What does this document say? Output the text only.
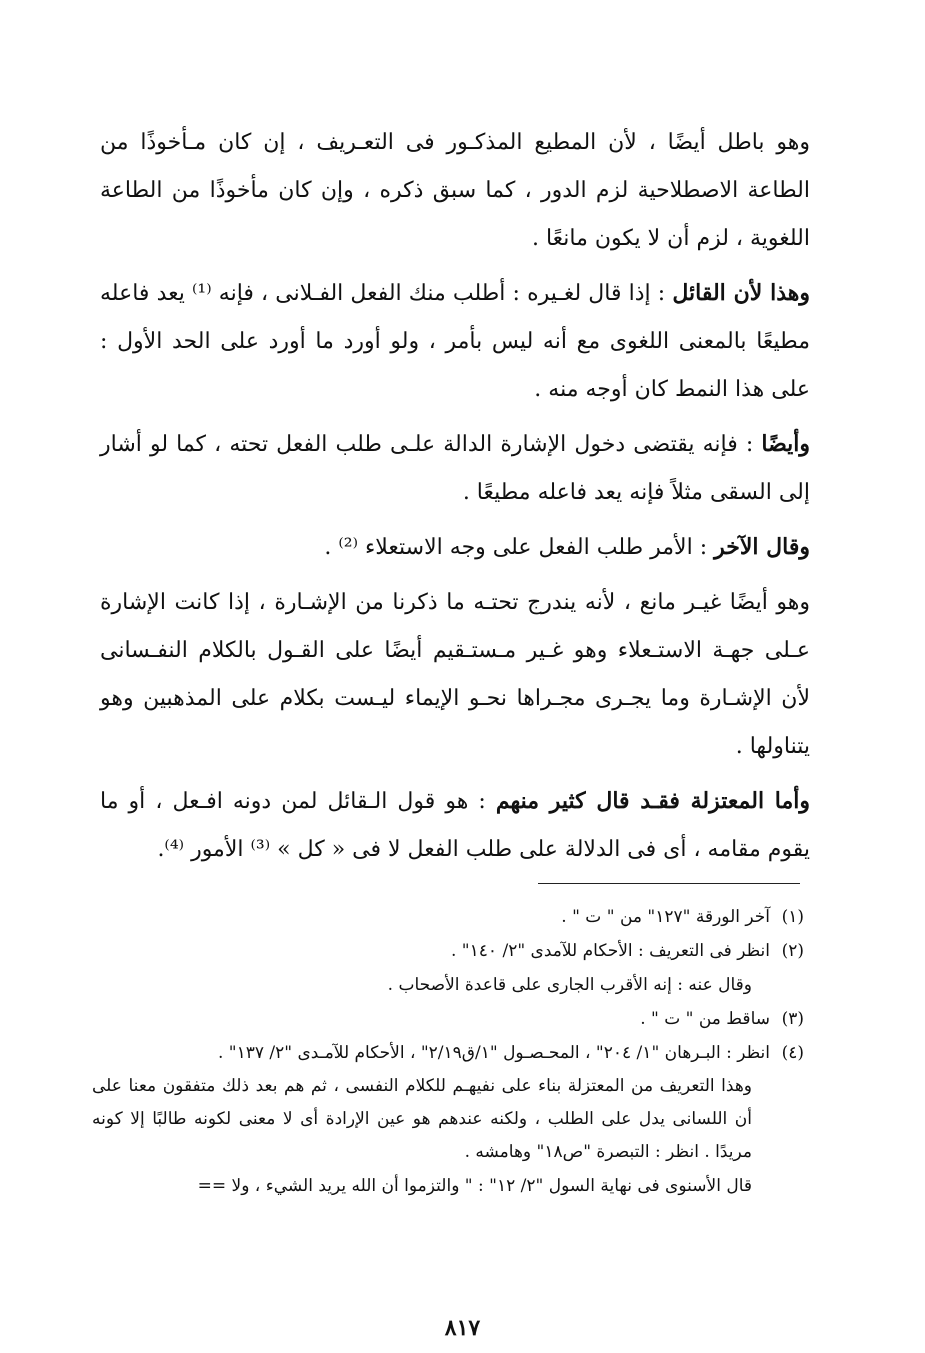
وهو باطل أيضًا ، لأن المطيع المذكـور فى التعـريف ، إن كان مـأخوذًا من الطاعة الاصطلاحية لزم الدور ، كما سبق ذكره ، وإن كان مأخوذًا من الطاعة اللغوية ، لزم أن لا يكون مانعًا .

وهذا لأن القائل : إذا قال لغـيره : أطلب منك الفعل الفـلانى ، فإنه ⁽¹⁾ يعد فاعله مطيعًا بالمعنى اللغوى مع أنه ليس بأمر ، ولو أورد ما أورد على الحد الأول : على هذا النمط كان أوجه منه .

وأيضًا : فإنه يقتضى دخول الإشارة الدالة علـى طلب الفعل تحته ، كما لو أشار إلى السقى مثلاً فإنه يعد فاعله مطيعًا .

وقال الآخر : الأمر طلب الفعل على وجه الاستعلاء ⁽²⁾ .

وهو أيضًا غيـر مانع ، لأنه يندرج تحتـه ما ذكرنا من الإشـارة ، إذا كانت الإشارة عـلى جهـة الاستـعلاء وهو غـير مـستـقيم أيضًا على القـول بالكلام النفـسانى لأن الإشـارة وما يجـرى مجـراها نحـو الإيماء ليـست بكلام على المذهبين وهو يتناولها .

وأما المعتزلة فقـد قال كثير منهم : هو قول الـقائل لمن دونه افـعل ، أو ما يقوم مقامه ، أى فى الدلالة على طلب الفعل لا فى « كل » ⁽³⁾ الأمور ⁽⁴⁾.

(١)
آخر الورقة "١٢٧" من " ت " .
(٢)
انظر فى التعريف : الأحكام للآمدى "٢/ ١٤٠" .
وقال عنه : إنه الأقرب الجارى على قاعدة الأصحاب .
(٣)
ساقط من " ت " .
(٤)
انظر : البـرهان "١/ ٢٠٤" ، المحـصـول "١/ق٢/١٩" ، الأحكام للآمـدى "٢/ ١٣٧" .
وهذا التعريف من المعتزلة بناء على نفيهـم للكلام النفسى ، ثم هم بعد ذلك متفقون معنا على أن اللسانى يدل على الطلب ، ولكنه عندهم هو عين الإرادة أى لا معنى لكونه طالبًا إلا كونه مريدًا . انظر : التبصرة "ص١٨" وهامشه .
قال الأسنوى فى نهاية السول "٢/ ١٢" : " والتزموا أن الله يريد الشيء ، ولا ==
٨١٧
